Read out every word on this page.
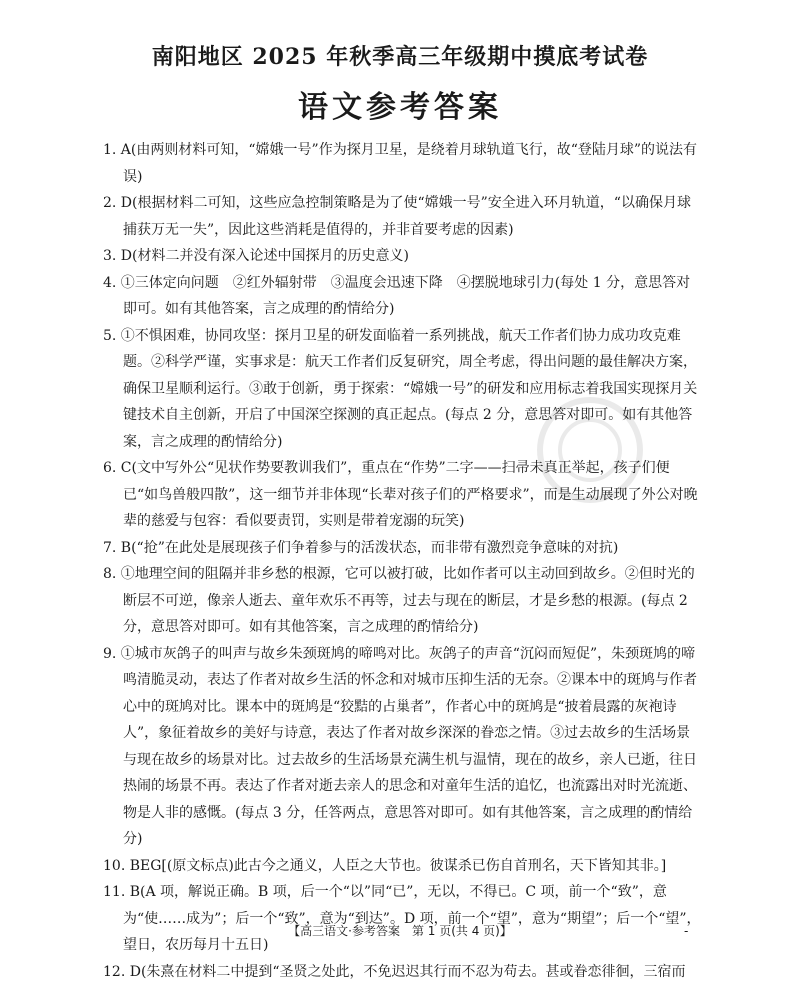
南阳地区 2025 年秋季高三年级期中摸底考试卷
语文参考答案

1. A(由两则材料可知，“嫦娥一号”作为探月卫星，是绕着月球轨道飞行，故“登陆月球”的说法有误)

2. D(根据材料二可知，这些应急控制策略是为了使“嫦娥一号”安全进入环月轨道，“以确保月球捕获万无一失”，因此这些消耗是值得的，并非首要考虑的因素)

3. D(材料二并没有深入论述中国探月的历史意义)

4. ①三体定向问题　②红外辐射带　③温度会迅速下降　④摆脱地球引力(每处 1 分，意思答对即可。如有其他答案，言之成理的酌情给分)

5. ①不惧困难，协同攻坚：探月卫星的研发面临着一系列挑战，航天工作者们协力成功攻克难题。②科学严谨，实事求是：航天工作者们反复研究，周全考虑，得出问题的最佳解决方案，确保卫星顺利运行。③敢于创新，勇于探索：“嫦娥一号”的研发和应用标志着我国实现探月关键技术自主创新，开启了中国深空探测的真正起点。(每点 2 分，意思答对即可。如有其他答案，言之成理的酌情给分)

6. C(文中写外公“见状作势要教训我们”，重点在“作势”二字——扫帚未真正举起，孩子们便已“如鸟兽般四散”，这一细节并非体现“长辈对孩子们的严格要求”，而是生动展现了外公对晚辈的慈爱与包容：看似要责罚，实则是带着宠溺的玩笑)

7. B(“抢”在此处是展现孩子们争着参与的活泼状态，而非带有激烈竞争意味的对抗)

8. ①地理空间的阻隔并非乡愁的根源，它可以被打破，比如作者可以主动回到故乡。②但时光的断层不可逆，像亲人逝去、童年欢乐不再等，过去与现在的断层，才是乡愁的根源。(每点 2 分，意思答对即可。如有其他答案，言之成理的酌情给分)

9. ①城市灰鸽子的叫声与故乡朱颈斑鸠的啼鸣对比。灰鸽子的声音“沉闷而短促”，朱颈斑鸠的啼鸣清脆灵动，表达了作者对故乡生活的怀念和对城市压抑生活的无奈。②课本中的斑鸠与作者心中的斑鸠对比。课本中的斑鸠是“狡黠的占巢者”，作者心中的斑鸠是“披着晨露的灰袍诗人”，象征着故乡的美好与诗意，表达了作者对故乡深深的眷恋之情。③过去故乡的生活场景与现在故乡的场景对比。过去故乡的生活场景充满生机与温情，现在的故乡，亲人已逝，往日热闹的场景不再。表达了作者对逝去亲人的思念和对童年生活的追忆，也流露出对时光流逝、物是人非的感慨。(每点 3 分，任答两点，意思答对即可。如有其他答案，言之成理的酌情给分)

10. BEG[(原文标点)此古今之通义，人臣之大节也。彼谋杀已伤自首刑名，天下皆知其非。]

11. B(A 项，解说正确。B 项，后一个“以”同“已”，无以，不得已。C 项，前一个“致”，意为“使……成为”；后一个“致”，意为“到达”。D 项，前一个“望”，意为“期望”；后一个“望”，望日，农历每月十五日)

12. D(朱熹在材料二中提到“圣贤之处此，不免迟迟其行而不忍为苟去。甚或眷恋徘徊，三宿而

【高三语文·参考答案　第 1 页(共 4 页)】	-
